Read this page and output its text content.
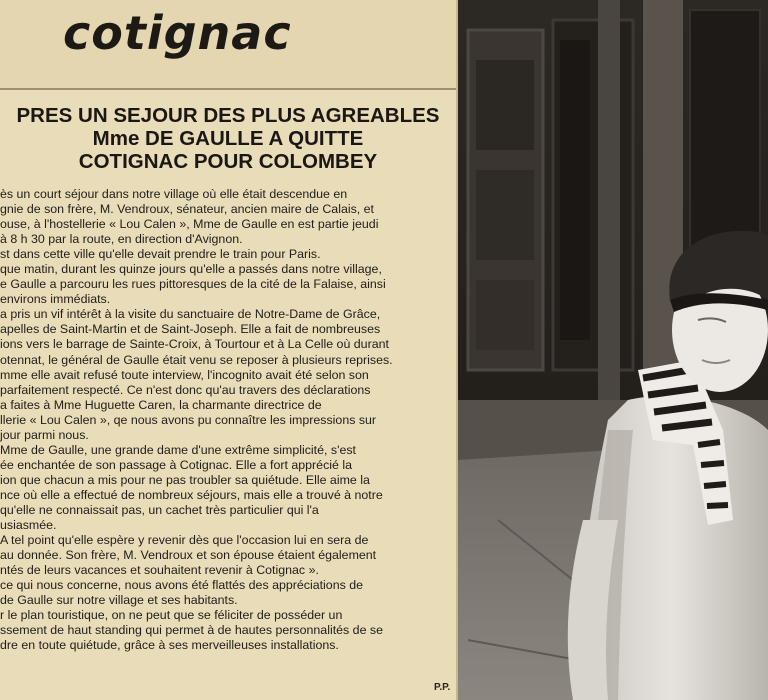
cotignac
PRES UN SEJOUR DES PLUS AGREABLES
Mme DE GAULLE A QUITTE
COTIGNAC POUR COLOMBEY

ès un court séjour dans notre village où elle était descendue en

gnie de son frère, M. Vendroux, sénateur, ancien maire de Calais, et

ouse, à l'hostellerie « Lou Calen », Mme de Gaulle en est partie jeudi

à 8 h 30 par la route, en direction d'Avignon.

st dans cette ville qu'elle devait prendre le train pour Paris.

que matin, durant les quinze jours qu'elle a passés dans notre village,

e Gaulle a parcouru les rues pittoresques de la cité de la Falaise, ainsi

environs immédiats.

a pris un vif intérêt à la visite du sanctuaire de Notre-Dame de Grâce,

apelles de Saint-Martin et de Saint-Joseph. Elle a fait de nombreuses

ions vers le barrage de Sainte-Croix, à Tourtour et à La Celle où durant

otennat, le général de Gaulle était venu se reposer à plusieurs reprises.

mme elle avait refusé toute interview, l'incognito avait été selon son

parfaitement respecté. Ce n'est donc qu'au travers des déclarations

a faites à Mme Huguette Caren, la charmante directrice de

llerie « Lou Calen », qe nous avons pu connaître les impressions sur

jour parmi nous.

Mme de Gaulle, une grande dame d'une extrême simplicité, s'est

ée enchantée de son passage à Cotignac. Elle a fort apprécié la

ion que chacun a mis pour ne pas troubler sa quiétude. Elle aime la

nce où elle a effectué de nombreux séjours, mais elle a trouvé à notre

qu'elle ne connaissait pas, un cachet très particulier qui l'a

usiasmée.

A tel point qu'elle espère y revenir dès que l'occasion lui en sera de

au donnée. Son frère, M. Vendroux et son épouse étaient également

ntés de leurs vacances et souhaitent revenir à Cotignac ».

ce qui nous concerne, nous avons été flattés des appréciations de

de Gaulle sur notre village et ses habitants.

r le plan touristique, on ne peut que se féliciter de posséder un

ssement de haut standing qui permet à de hautes personnalités de se

dre en toute quiétude, grâce à ses merveilleuses installations.

P.P.
